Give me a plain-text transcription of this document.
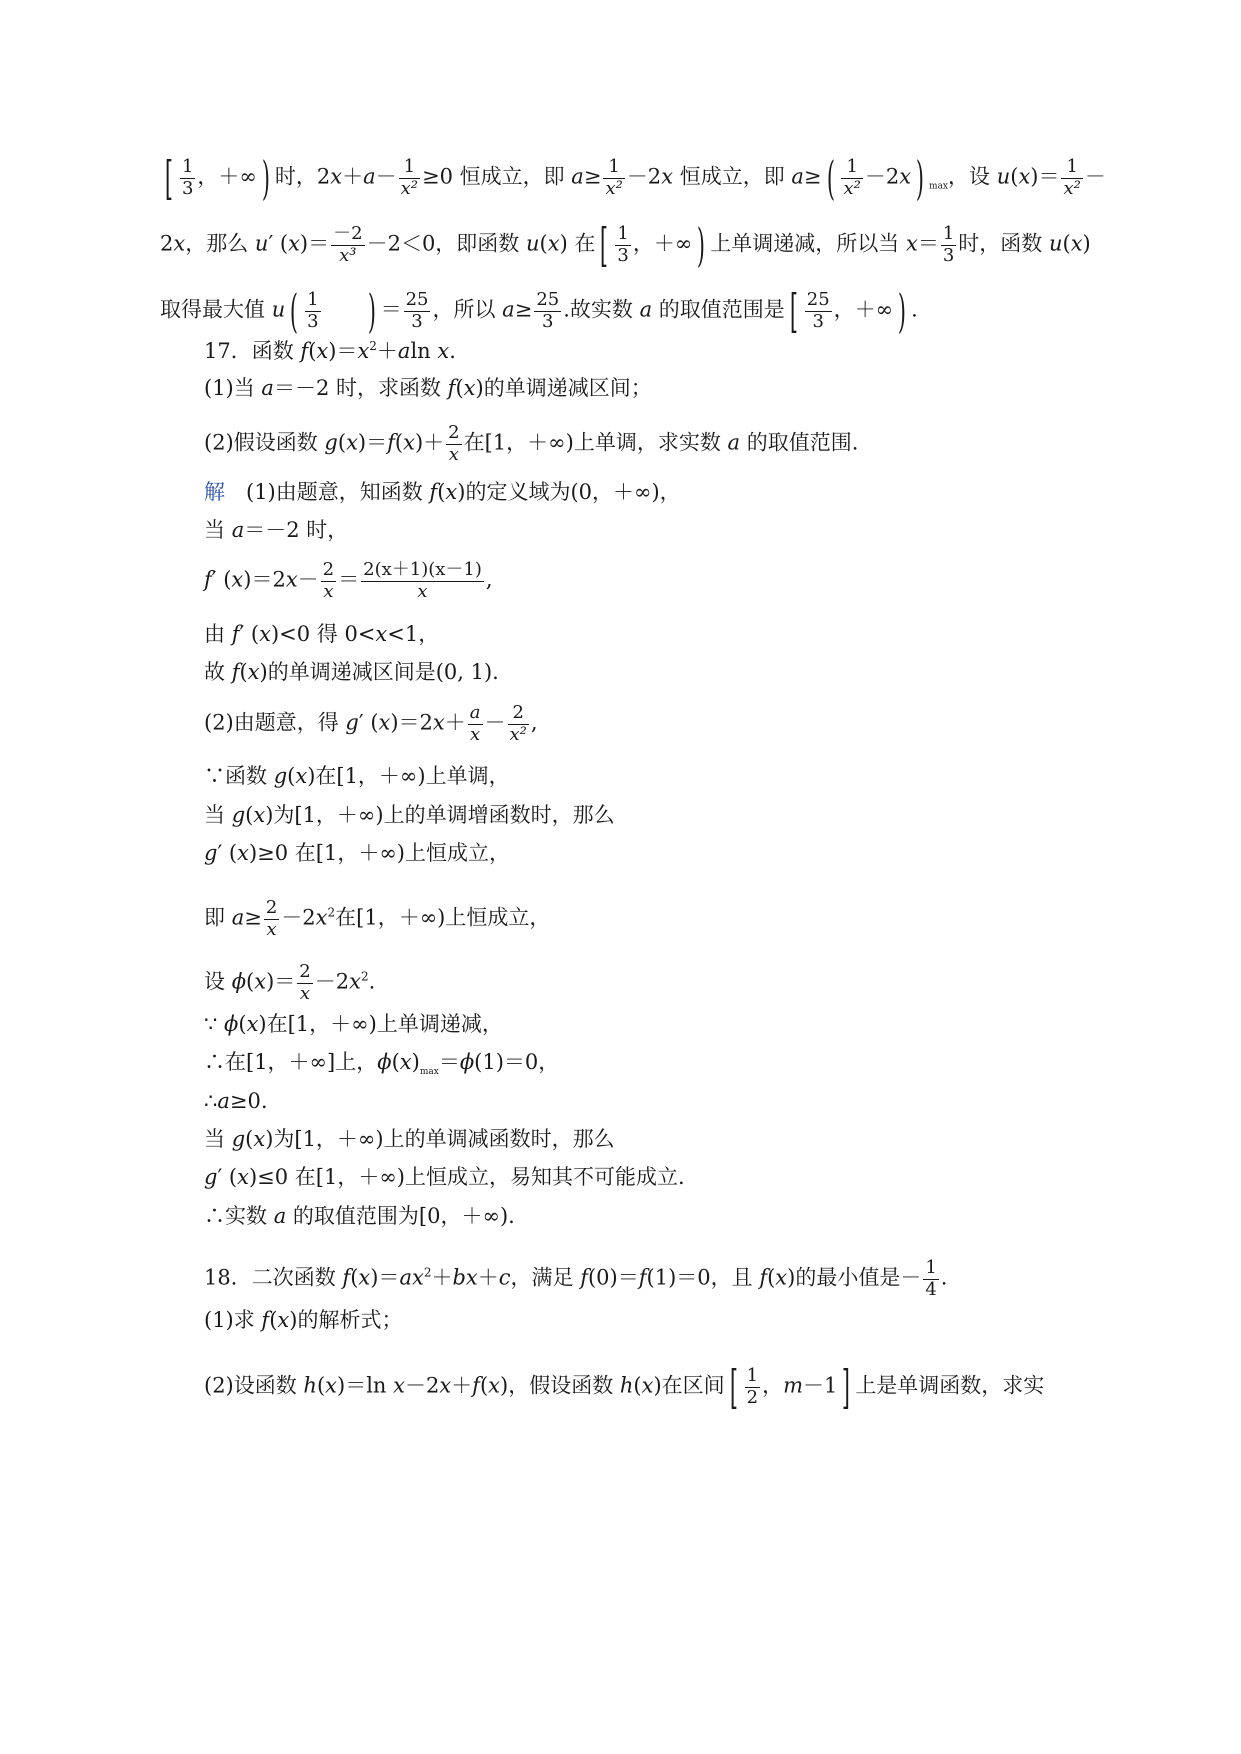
[ $\frac{1}{3}$ ，＋∞ ) 时，$2x+a- \frac{1}{\text{x²}} \ge 0$ 恒成立，即 $a\ge \frac{1}{\text{x²}} -2x$ 恒成立，即 a≥ ( $\frac{1}{\text{x²}} -2x$ ) $_{max}$，设 $u(x)= \frac{1}{\text{x²}}$ －
2x，那么 u′ $(x)= \frac{-2}{\text{x³}} -2<0$，即函数 u(x) 在 [ $\frac{1}{3}$ ，＋∞ ) 上单调递减，所以当 $x= \frac{1}{3}$ 时，函数 u(x)
取得最大值 u ( $\frac{1}{3}$ ) ＝ $\frac{25}{3}$ ，所以 $a\ge \frac{25}{3}$ .故实数 a 的取值范围是 [ $\frac{25}{3}$ ，＋∞ ) .
17．函数 $f(x)=x^2+aln$ x.
(1)当 a＝－2 时，求函数 f(x)的单调递减区间；
(2)假设函数 $g(x)=f(x)+ \frac{2}{x}$ 在[1，＋∞)上单调，求实数 a 的取值范围.
解　(1)由题意，知函数 f(x)的定义域为(0，＋∞)，
当 a＝－2 时，
f′ $(x)=2x- \frac{2}{x} = \frac{2(x+1)(x-1)}{x}$ ,
由 f′ (x)<0 得 0<x<1，
故 f(x)的单调递减区间是(0, 1).
(2)由题意，得 g′ $(x)=2x+ \frac{a}{x} - \frac{2}{\text{x²}}$ ,
∵函数 g(x)在[1，＋∞)上单调，
当 g(x)为[1，＋∞)上的单调增函数时，那么
g′ (x)≥0 在[1，＋∞)上恒成立，
即 $a\ge \frac{2}{x} -2x^2$在[1，＋∞)上恒成立，
设 $\phi(x)= \frac{2}{x} -2x^2$.
∵ ϕ(x)在[1，＋∞)上单调递减，
∴在[1，＋∞]上，$\phi(x)_{max}=\phi(1)=0$，
∴a≥0.
当 g(x)为[1，＋∞)上的单调减函数时，那么
g′ (x)≤0 在[1，＋∞)上恒成立，易知其不可能成立.
∴实数 a 的取值范围为[0，＋∞).
18．二次函数 $f(x)=ax^2+bx+c$，满足 f(0)＝f(1)＝0，且 f(x)的最小值是－ $\frac{1}{4}$ .
(1)求 f(x)的解析式；
(2)设函数 h(x)＝ln x－2x＋f(x)，假设函数 h(x)在区间 [ $\frac{1}{2}$ ，m－1 ] 上是单调函数，求实
